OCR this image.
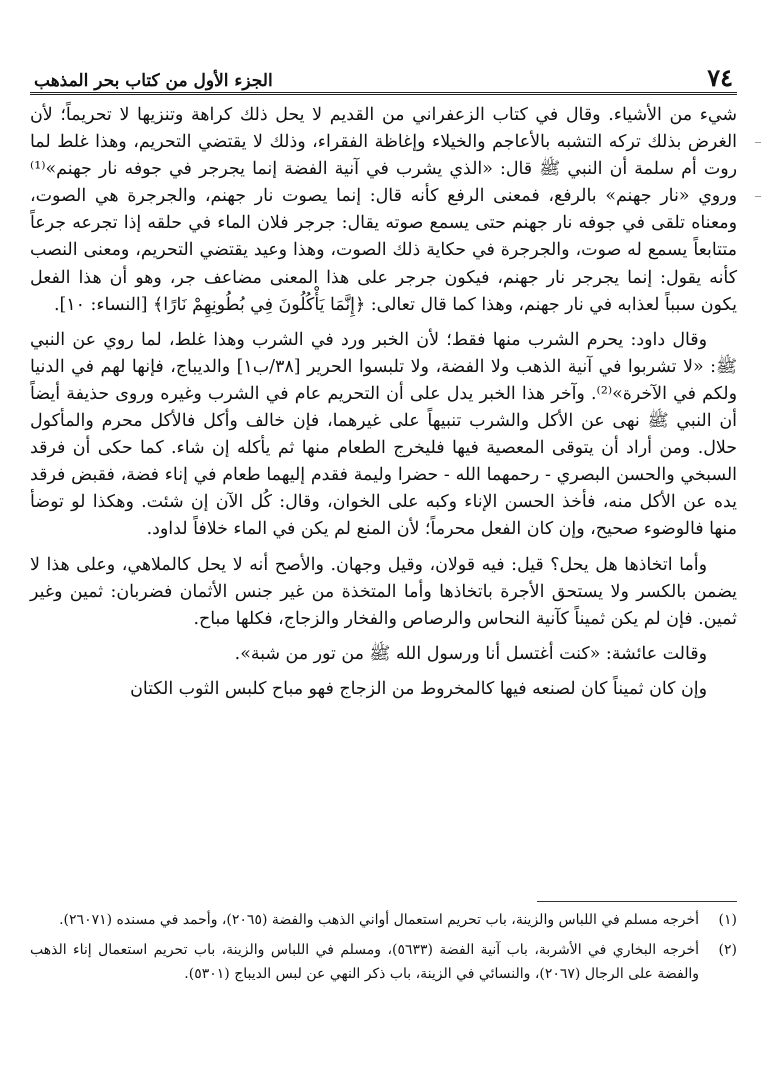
٧٤
الجزء الأول من كتاب بحر المذهب

شيء من الأشياء. وقال في كتاب الزعفراني من القديم لا يحل ذلك كراهة وتنزيها لا تحريماً؛ لأن الغرض بذلك تركه التشبه بالأعاجم والخيلاء وإغاظة الفقراء، وذلك لا يقتضي التحريم، وهذا غلط لما روت أم سلمة أن النبي ﷺ قال: «الذي يشرب في آنية الفضة إنما يجرجر في جوفه نار جهنم»⁽¹⁾ وروي «نار جهنم» بالرفع، فمعنى الرفع كأنه قال: إنما يصوت نار جهنم، والجرجرة هي الصوت، ومعناه تلقى في جوفه نار جهنم حتى يسمع صوته يقال: جرجر فلان الماء في حلقه إذا تجرعه جرعاً متتابعاً يسمع له صوت، والجرجرة في حكاية ذلك الصوت، وهذا وعيد يقتضي التحريم، ومعنى النصب كأنه يقول: إنما يجرجر نار جهنم، فيكون جرجر على هذا المعنى مضاعف جر، وهو أن هذا الفعل يكون سبباً لعذابه في نار جهنم، وهذا كما قال تعالى: ﴿إِنَّمَا يَأْكُلُونَ فِي بُطُونِهِمْ نَارًا﴾ [النساء: ١٠].

وقال داود: يحرم الشرب منها فقط؛ لأن الخبر ورد في الشرب وهذا غلط، لما روي عن النبي ﷺ: «لا تشربوا في آنية الذهب ولا الفضة، ولا تلبسوا الحرير [٣٨/ب١] والديباج، فإنها لهم في الدنيا ولكم في الآخرة»⁽²⁾. وآخر هذا الخبر يدل على أن التحريم عام في الشرب وغيره وروى حذيفة أيضاً أن النبي ﷺ نهى عن الأكل والشرب تنبيهاً على غيرهما، فإن خالف وأكل فالأكل محرم والمأكول حلال. ومن أراد أن يتوقى المعصية فيها فليخرج الطعام منها ثم يأكله إن شاء. كما حكى أن فرقد السبخي والحسن البصري - رحمهما الله - حضرا وليمة فقدم إليهما طعام في إناء فضة، فقبض فرقد يده عن الأكل منه، فأخذ الحسن الإناء وكبه على الخوان، وقال: كُل الآن إن شئت. وهكذا لو توضأ منها فالوضوء صحيح، وإن كان الفعل محرماً؛ لأن المنع لم يكن في الماء خلافاً لداود.

وأما اتخاذها هل يحل؟ قيل: فيه قولان، وقيل وجهان. والأصح أنه لا يحل كالملاهي، وعلى هذا لا يضمن بالكسر ولا يستحق الأجرة باتخاذها وأما المتخذة من غير جنس الأثمان فضربان: ثمين وغير ثمين. فإن لم يكن ثميناً كآنية النحاس والرصاص والفخار والزجاج، فكلها مباح.

وقالت عائشة: «كنت أغتسل أنا ورسول الله ﷺ من تور من شبة».

وإن كان ثميناً كان لصنعه فيها كالمخروط من الزجاج فهو مباح كلبس الثوب الكتان

(١)
أخرجه مسلم في اللباس والزينة، باب تحريم استعمال أواني الذهب والفضة (٢٠٦٥)، وأحمد في مسنده (٢٦٠٧١).
(٢)
أخرجه البخاري في الأشربة، باب آنية الفضة (٥٦٣٣)، ومسلم في اللباس والزينة، باب تحريم استعمال إناء الذهب والفضة على الرجال (٢٠٦٧)، والنسائي في الزينة، باب ذكر النهي عن لبس الديباج (٥٣٠١).
